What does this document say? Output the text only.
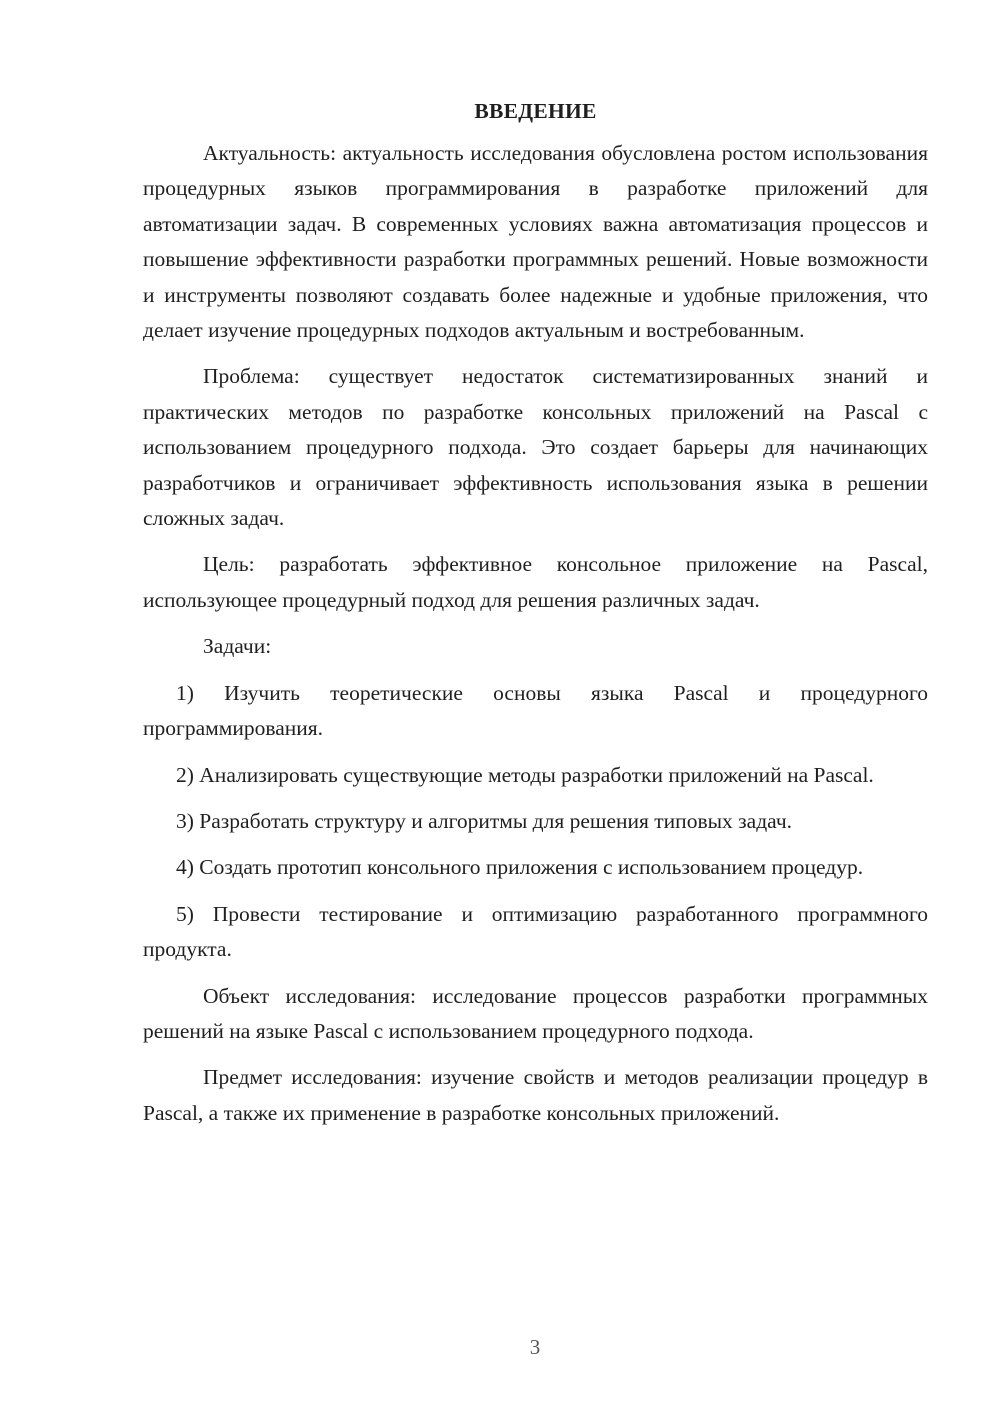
ВВЕДЕНИЕ

Актуальность: актуальность исследования обусловлена ростом использования процедурных языков программирования в разработке приложений для автоматизации задач. В современных условиях важна автоматизация процессов и повышение эффективности разработки программных решений. Новые возможности и инструменты позволяют создавать более надежные и удобные приложения, что делает изучение процедурных подходов актуальным и востребованным.

Проблема: существует недостаток систематизированных знаний и практических методов по разработке консольных приложений на Pascal с использованием процедурного подхода. Это создает барьеры для начинающих разработчиков и ограничивает эффективность использования языка в решении сложных задач.

Цель: разработать эффективное консольное приложение на Pascal, использующее процедурный подход для решения различных задач.

Задачи:

1) Изучить теоретические основы языка Pascal и процедурного программирования.

2) Анализировать существующие методы разработки приложений на Pascal.

3) Разработать структуру и алгоритмы для решения типовых задач.

4) Создать прототип консольного приложения с использованием процедур.

5) Провести тестирование и оптимизацию разработанного программного продукта.

Объект исследования: исследование процессов разработки программных решений на языке Pascal с использованием процедурного подхода.

Предмет исследования: изучение свойств и методов реализации процедур в Pascal, а также их применение в разработке консольных приложений.

3
